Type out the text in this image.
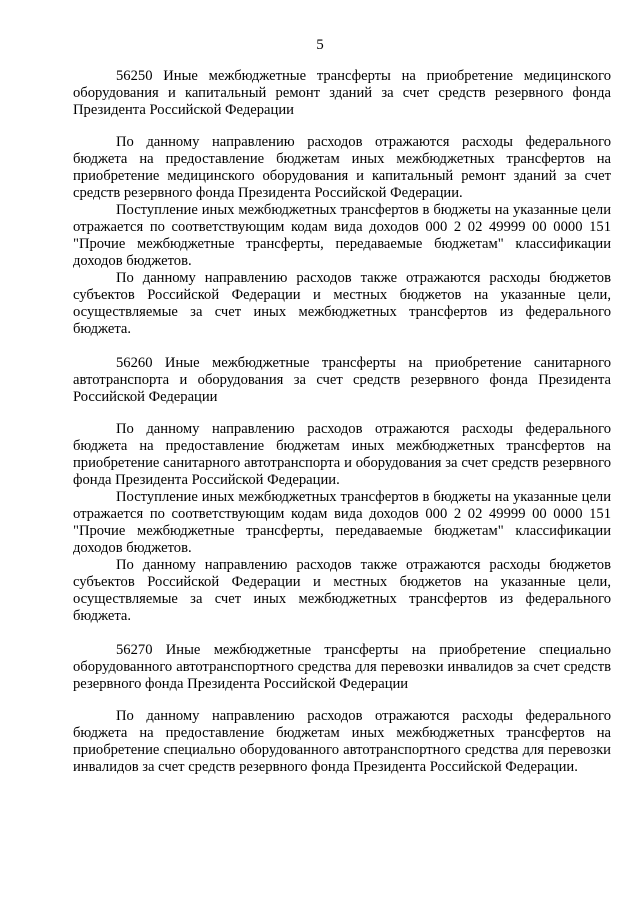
5

56250 Иные межбюджетные трансферты на приобретение медицинского оборудования и капитальный ремонт зданий за счет средств резервного фонда Президента Российской Федерации

По данному направлению расходов отражаются расходы федерального бюджета на предоставление бюджетам иных межбюджетных трансфертов на приобретение медицинского оборудования и капитальный ремонт зданий за счет средств резервного фонда Президента Российской Федерации.

Поступление иных межбюджетных трансфертов в бюджеты на указанные цели отражается по соответствующим кодам вида доходов 000 2 02 49999 00 0000 151 "Прочие межбюджетные трансферты, передаваемые бюджетам" классификации доходов бюджетов.

По данному направлению расходов также отражаются расходы бюджетов субъектов Российской Федерации и местных бюджетов на указанные цели, осуществляемые за счет иных межбюджетных трансфертов из федерального бюджета.

56260 Иные межбюджетные трансферты на приобретение санитарного автотранспорта и оборудования за счет средств резервного фонда Президента Российской Федерации

По данному направлению расходов отражаются расходы федерального бюджета на предоставление бюджетам иных межбюджетных трансфертов на приобретение санитарного автотранспорта и оборудования за счет средств резервного фонда Президента Российской Федерации.

Поступление иных межбюджетных трансфертов в бюджеты на указанные цели отражается по соответствующим кодам вида доходов 000 2 02 49999 00 0000 151 "Прочие межбюджетные трансферты, передаваемые бюджетам" классификации доходов бюджетов.

По данному направлению расходов также отражаются расходы бюджетов субъектов Российской Федерации и местных бюджетов на указанные цели, осуществляемые за счет иных межбюджетных трансфертов из федерального бюджета.

56270 Иные межбюджетные трансферты на приобретение специально оборудованного автотранспортного средства для перевозки инвалидов за счет средств резервного фонда Президента Российской Федерации

По данному направлению расходов отражаются расходы федерального бюджета на предоставление бюджетам иных межбюджетных трансфертов на приобретение специально оборудованного автотранспортного средства для перевозки инвалидов за счет средств резервного фонда Президента Российской Федерации.
